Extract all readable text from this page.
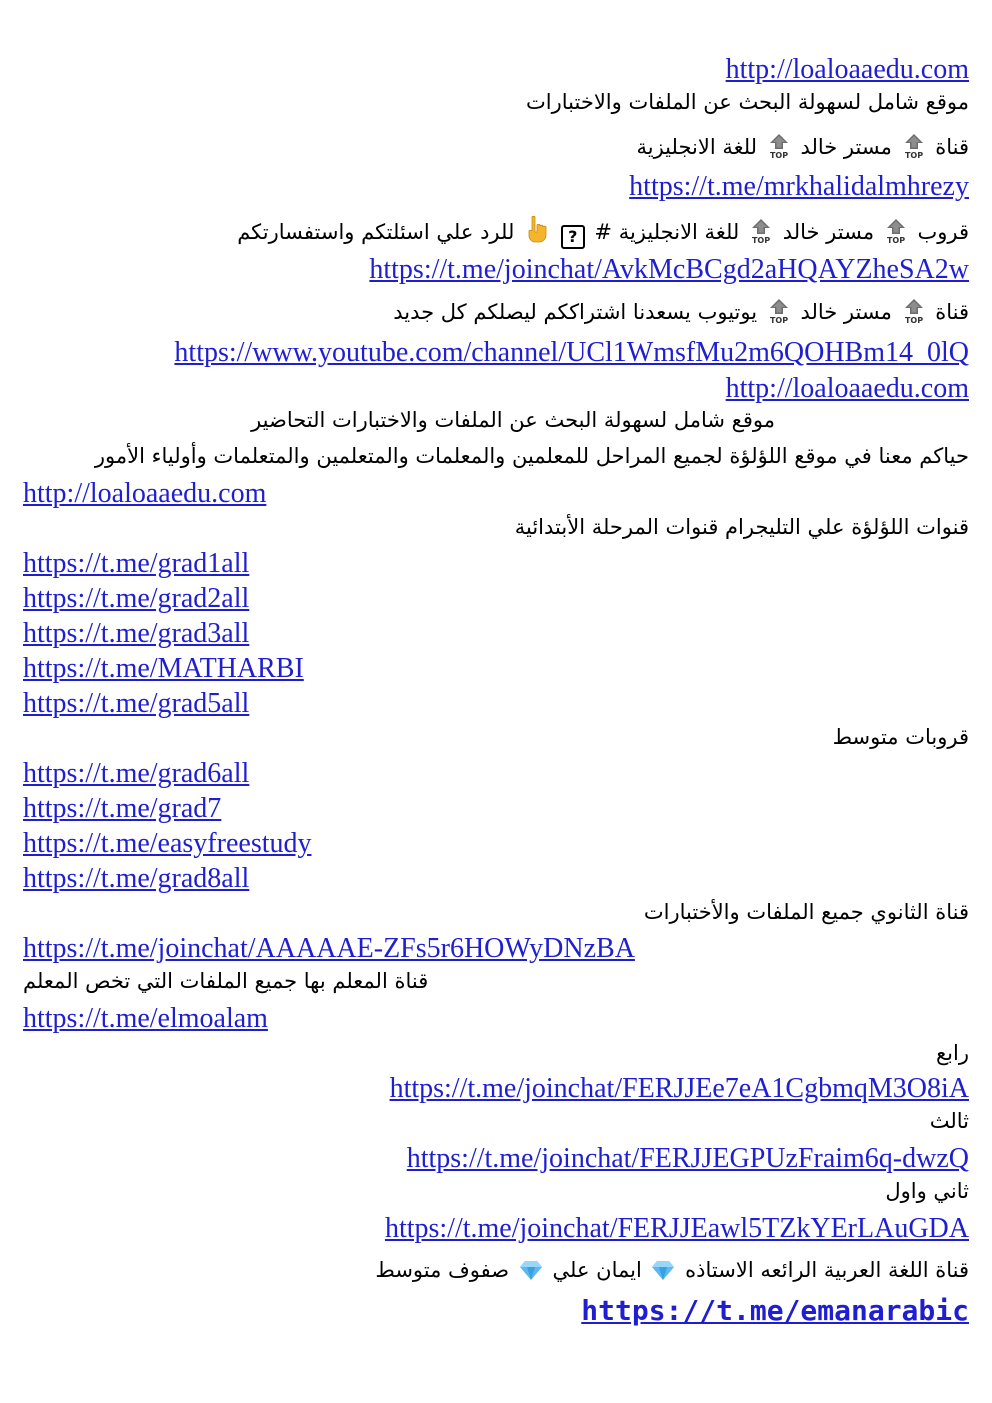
http://loaloaaedu.com
موقع شامل لسهولة البحث عن الملفات والاختبارات
قناة  مستر خالد  للغة الانجليزية
https://t.me/mrkhalidalmhrezy
قروب  مستر خالد  للغة الانجليزية # ?  للرد علي اسئلتكم واستفسارتكم
https://t.me/joinchat/AvkMcBCgd2aHQAYZheSA2w
قناة  مستر خالد  يوتيوب يسعدنا اشتراككم ليصلكم كل جديد
https://www.youtube.com/channel/UCl1WmsfMu2m6QOHBm14_0lQ
http://loaloaaedu.com
موقع شامل لسهولة البحث عن الملفات والاختبارات التحاضير
حياكم معنا في موقع اللؤلؤة لجميع المراحل للمعلمين والمعلمات والمتعلمين والمتعلمات وأولياء الأمور
http://loaloaaedu.com
قنوات اللؤلؤة علي التليجرام قنوات المرحلة الأبتدائية
https://t.me/grad1all
https://t.me/grad2all
https://t.me/grad3all
https://t.me/MATHARBI
https://t.me/grad5all
قروبات متوسط
https://t.me/grad6all
https://t.me/grad7
https://t.me/easyfreestudy
https://t.me/grad8all
قناة الثانوي جميع الملفات والأختبارات
https://t.me/joinchat/AAAAAE-ZFs5r6HOWyDNzBA
قناة المعلم بها جميع الملفات التي تخص المعلم
https://t.me/elmoalam
رابع
https://t.me/joinchat/FERJJEe7eA1CgbmqM3O8iA
ثالث
https://t.me/joinchat/FERJJEGPUzFraim6q-dwzQ
ثاني واول
https://t.me/joinchat/FERJJEawl5TZkYErLAuGDA
قناة اللغة العربية الرائعه الاستاذه  ايمان علي  صفوف متوسط
https://t.me/emanarabic
